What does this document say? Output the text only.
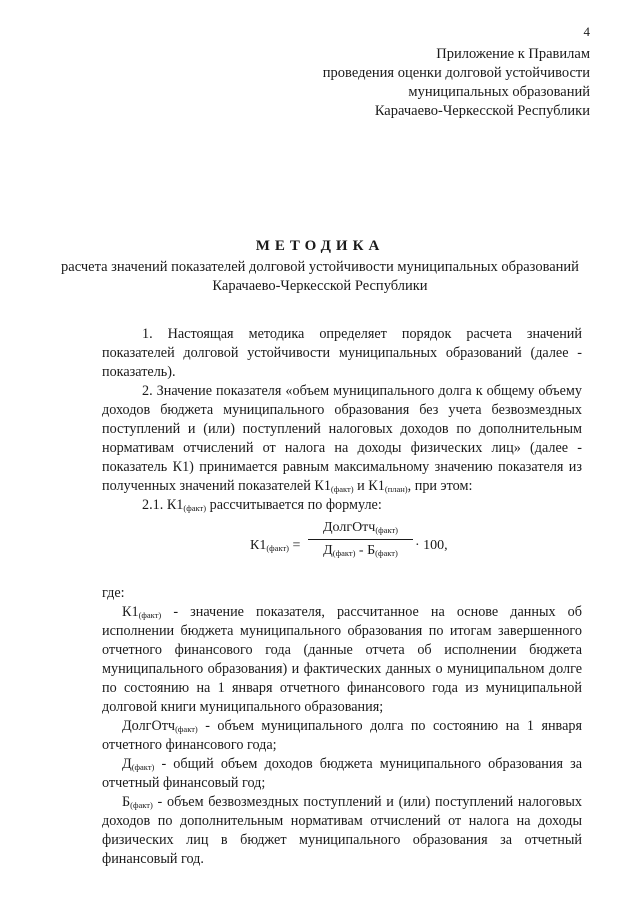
4
Приложение к Правилам
проведения оценки долговой устойчивости
муниципальных образований
Карачаево-Черкесской Республики
МЕТОДИКА
расчета значений показателей долговой устойчивости муниципальных образований Карачаево-Черкесской Республики

1. Настоящая методика определяет порядок расчета значений показателей долговой устойчивости муниципальных образований (далее - показатель).

2. Значение показателя «объем муниципального долга к общему объему доходов бюджета муниципального образования без учета безвозмездных поступлений и (или) поступлений налоговых доходов по дополнительным нормативам отчислений от налога на доходы физических лиц» (далее - показатель К1) принимается равным максимальному значению показателя из полученных значений показателей $К1_{(факт)}$ и $К1_{(план)}$, при этом:

2.1. $К1_{(факт)}$ рассчитывается по формуле:

$К1_{(факт)}$ =
ДолгОтч$_{(факт)}$
$Д_{(факт)} - Б_{(факт)}$	· 100,

где:

$К1_{(факт)}$ - значение показателя, рассчитанное на основе данных об исполнении бюджета муниципального образования по итогам завершенного отчетного финансового года (данные отчета об исполнении бюджета муниципального образования) и фактических данных о муниципальном долге по состоянию на 1 января отчетного финансового года из муниципальной долговой книги муниципального образования;

ДолгОтч$_{(факт)}$ - объем муниципального долга по состоянию на 1 января отчетного финансового года;

$Д_{(факт)}$ - общий объем доходов бюджета муниципального образования за отчетный финансовый год;

$Б_{(факт)}$ - объем безвозмездных поступлений и (или) поступлений налоговых доходов по дополнительным нормативам отчислений от налога на доходы физических лиц в бюджет муниципального образования за отчетный финансовый год.
